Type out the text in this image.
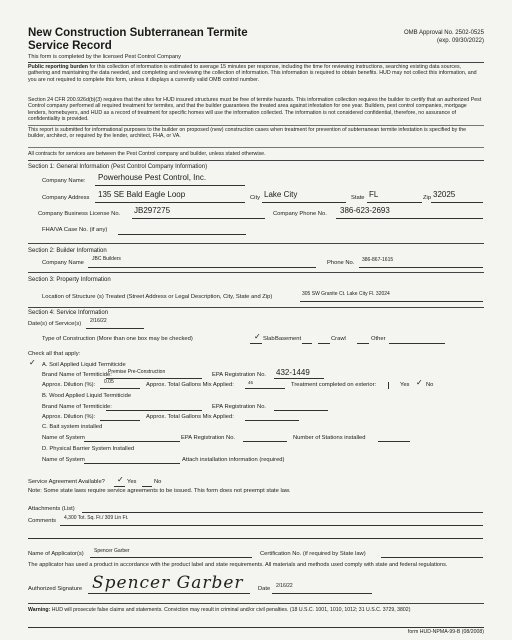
New Construction Subterranean Termite
Service Record
OMB Approval No. 2502-0525
(exp. 09/30/2022)
This form is completed by the licensed Pest Control Company
Public reporting burden for this collection of information is estimated to average 15 minutes per response, including the time for reviewing instructions, searching existing data sources, gathering and maintaining the data needed, and completing and reviewing the collection of information. This information is required to obtain benefits. HUD may not collect this information, and you are not required to complete this form, unless it displays a currently valid OMB control number.
Section 24 CFR 200.926d(b)(3) requires that the sites for HUD insured structures must be free of termite hazards. This information collection requires the builder to certify that an authorized Pest Control company performed all required treatment for termites, and that the builder guarantees the treated area against infestation for one year. Builders, pest control companies, mortgage lenders, homebuyers, and HUD as a record of treatment for specific homes will use the information collected. The information is not considered confidential, therefore, no assurance of confidentiality is provided.
This report is submitted for informational purposes to the builder on proposed (new) construction cases when treatment for prevention of subterranean termite infestation is specified by the builder, architect, or required by the lender, architect, FHA, or VA.
All contracts for services are between the Pest Control company and builder, unless stated otherwise.
Section 1: General Information (Pest Control Company Information)
Company Name: Powerhouse Pest Control, Inc.
Company Address 135 SE Bald Eagle Loop	City Lake City	State FL	Zip 32025
Company Business License No. JB297275	Company Phone No. 386-623-2693
FHA/VA Case No. (if any)
Section 2: Builder Information
Company Name
JBC Builders
Phone No. 386-867-1615
Section 3: Property Information
Location of Structure (s) Treated (Street Address or Legal Description, City, State and Zip)	305 SW Granite Ct. Lake City Fl. 32024
Section 4: Service Information
Date(s) of Service(s) 2/16/22
Type of Construction (More than one box may be checked)	✓ Slab Basement	Crawl	Other
Check all that apply:
✓ A. Soil Applied Liquid Termiticide
Brand Name of Termiticide:
Premise Pre-Construction	EPA Registration No. 432-1449
Approx. Dilution (%): 0.05	Approx. Total Gallons Mix Applied:	46	Treatment completed on exterior:	Yes ✓ No
B. Wood Applied Liquid Termiticide
Brand Name of Termiticide:	EPA Registration No.
Approx. Dilution (%):	Approx. Total Gallons Mix Applied:
C. Bait system installed
Name of System	EPA Registration No.	Number of Stations installed
D. Physical Barrier System Installed
Name of System	Attach installation information (required)
Service Agreement Available? ✓ Yes	No
Note: Some state laws require service agreements to be issued. This form does not preempt state law.
Attachments (List)
Comments 4,300 Tot. Sq. Ft./ 309 Lin Ft.
Name of Applicator(s) Spencer Garber	Certification No. (if required by State law)
The applicator has used a product in accordance with the product label and state requirements. All materials and methods used comply with state and federal regulations.
Authorized Signature Spencer Garber Date 2/16/22
Warning: HUD will prosecute false claims and statements. Conviction may result in criminal and/or civil penalties. (18 U.S.C. 1001, 1010, 1012; 31 U.S.C. 3729, 3802)
form HUD-NPMA-99-B (08/2008)
